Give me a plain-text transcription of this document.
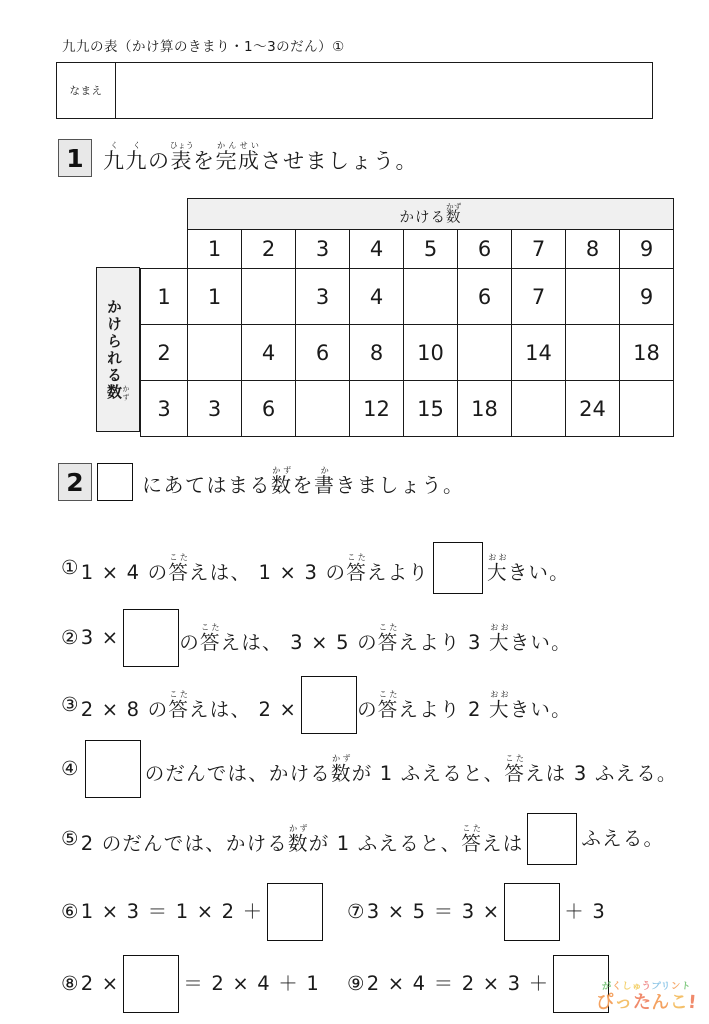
九九の表（かけ算のきまり・1～3のだん）①
なまえ
1 九く九くの表ひょうを完成かんせいさせましょう。
かけられる数 かず
	かける数かず								
	1	2	3	4	5	6	7	8	9
1	1		3	4		6	7		9
2		4	6	8	10		14		18
3	3	6		12	15	18		24	
2	にあてはまる数かずを書かきましょう。
① 1 × 4 の答こたえは、 1 × 3 の答こたえより	大おおきい。
② 3 ×	の答こたえは、 3 × 5 の答こたえより 3 大おおきい。
③ 2 × 8 の答こたえは、 2 ×	の答こたえより 2 大おおきい。
④	のだんでは、かける数かずが 1 ふえると、答こたえは 3 ふえる。
⑤ 2 のだんでは、かける数かずが 1 ふえると、答こたえは	ふえる。
⑥ 1 × 3 ＝ 1 × 2 ＋	⑦ 3 × 5 ＝ 3 ×	＋ 3
⑧ 2 ×	＝ 2 × 4 ＋ 1 ⑨ 2 × 4 ＝ 2 × 3 ＋	がくしゅうプリント
ぴったんこ!
